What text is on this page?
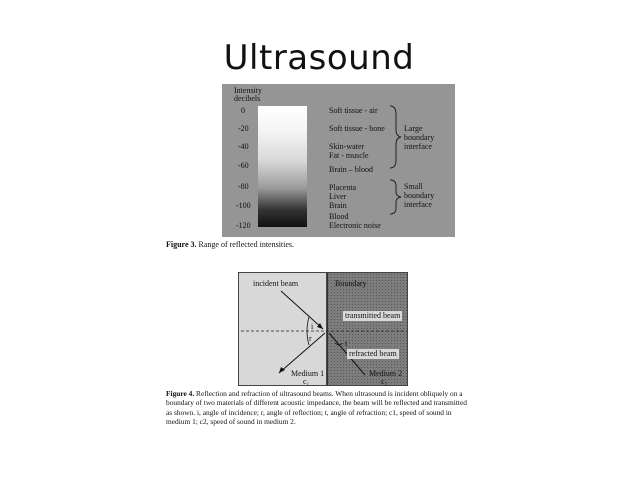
Ultrasound
Intensity
decibels
0
-20
-40
-60
-80
-100
-120
Soft tissue - air
Soft tissue - bone
Skin-water
Fat - muscle
Brain – blood
Placenta
Liver
Brain
Blood
Electronic noise
Large
boundary
interface
Small
boundary
interface
Figure 3. Range of reflected intensities.
incident beam	Boundary
transmitted beam
i
r
t
refracted beam
Medium 1
c₁
Medium 2
c₂
Figure 4. Reflection and refraction of ultrasound beams. When ultrasound is incident obliquely on a boundary of two materials of different acoustic impedance, the beam will be reflected and transmitted as shown. i, angle of incidence; r, angle of reflection; t, angle of refraction; c1, speed of sound in medium 1; c2, speed of sound in medium 2.
